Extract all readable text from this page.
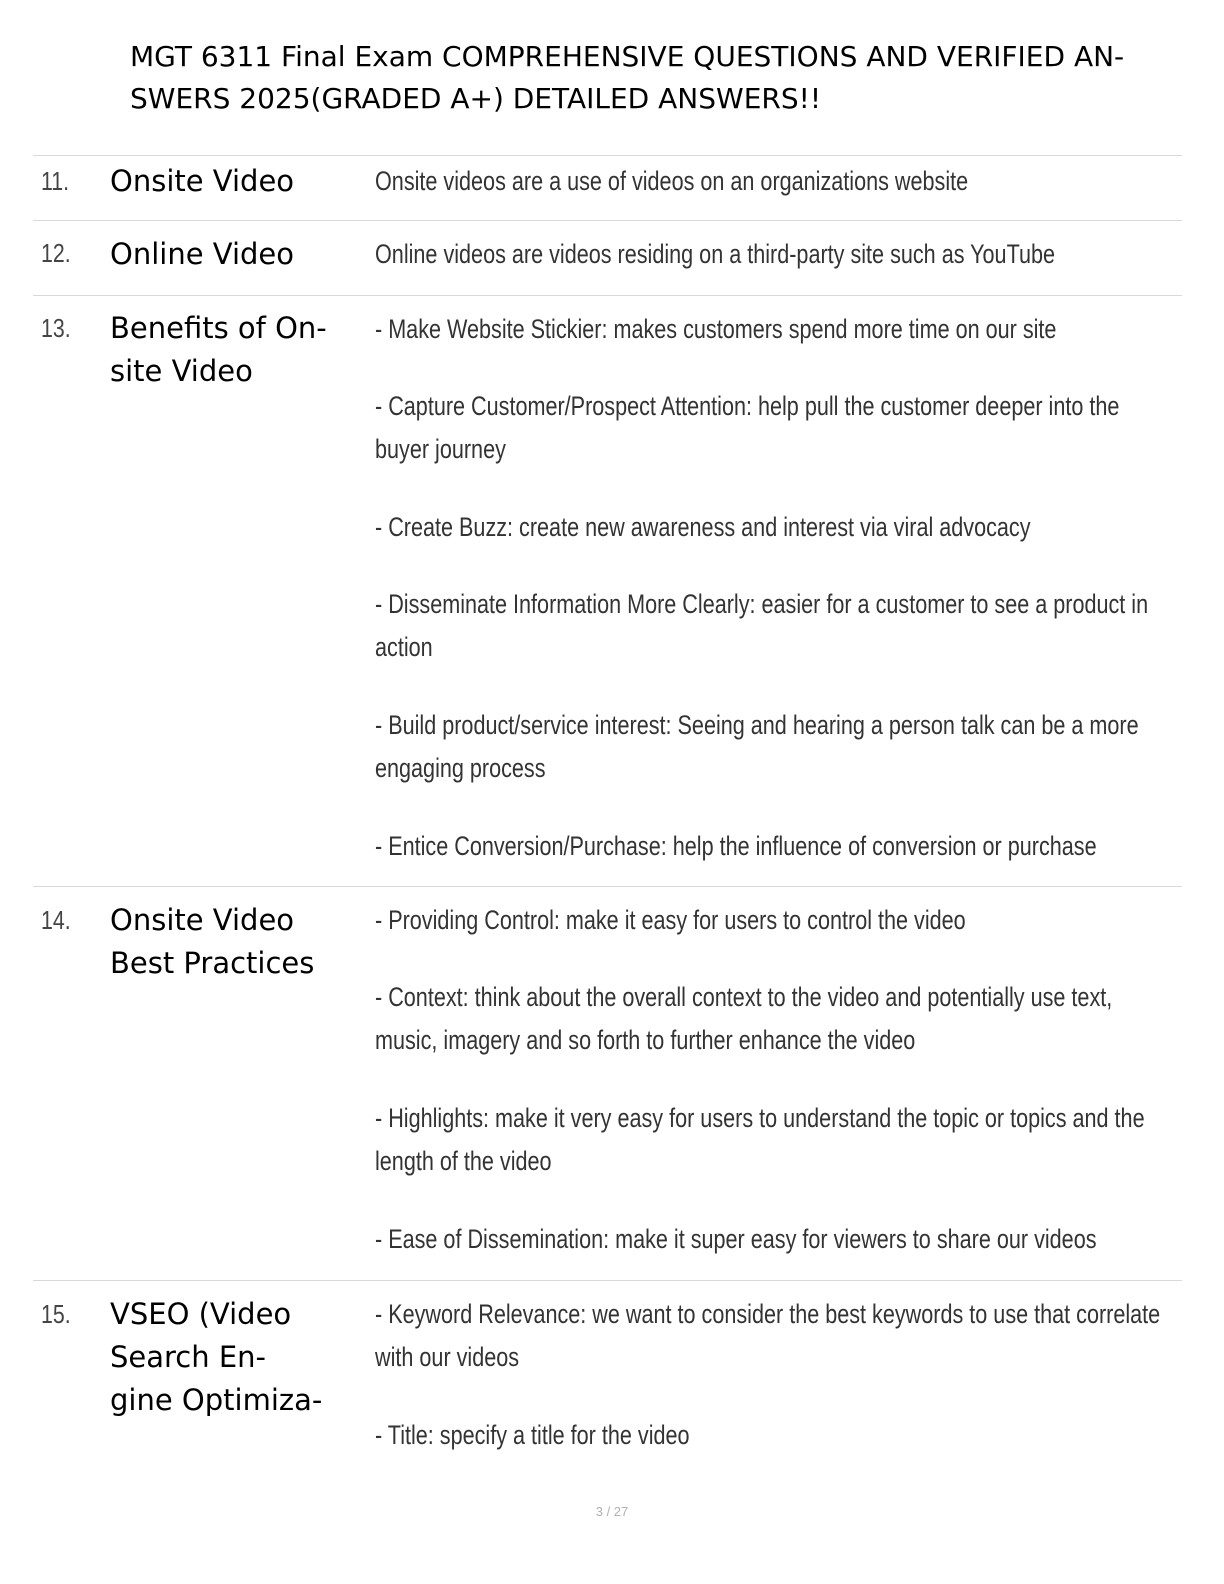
MGT 6311 Final Exam COMPREHENSIVE QUESTIONS AND VERIFIED AN-
SWERS 2025(GRADED A+) DETAILED ANSWERS!!
11. Onsite Video	Onsite videos are a use of videos on an organizations website
12. Online Video	Online videos are videos residing on a third-party site such as YouTube
13. Benefits of On-
site Video
- Make Website Stickier: makes customers spend more time on our site
- Capture Customer/Prospect Attention: help pull the customer deeper into the
buyer journey
- Create Buzz: create new awareness and interest via viral advocacy
- Disseminate Information More Clearly: easier for a customer to see a product in
action
- Build product/service interest: Seeing and hearing a person talk can be a more
engaging process
- Entice Conversion/Purchase: help the influence of conversion or purchase
14. Onsite Video
Best Practices
- Providing Control: make it easy for users to control the video
- Context: think about the overall context to the video and potentially use text,
music, imagery and so forth to further enhance the video
- Highlights: make it very easy for users to understand the topic or topics and the
length of the video
- Ease of Dissemination: make it super easy for viewers to share our videos
15. VSEO (Video
Search En-
gine Optimiza-
- Keyword Relevance: we want to consider the best keywords to use that correlate
with our videos
- Title: specify a title for the video
3 / 27
